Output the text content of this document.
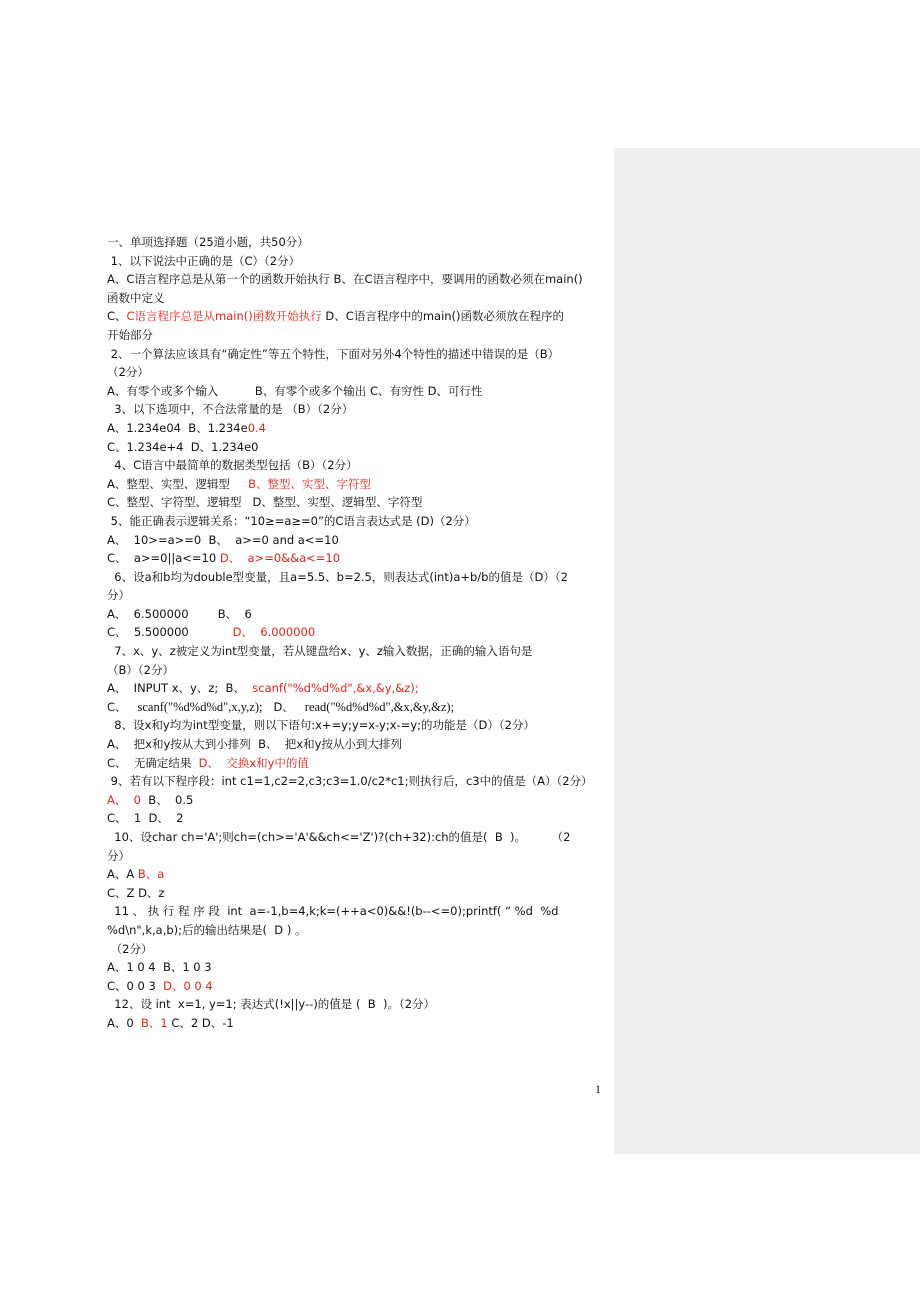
一、单项选择题（25道小题，共50分）
1、以下说法中正确的是（C）（2分）
A、C语言程序总是从第一个的函数开始执行 B、在C语言程序中，要调用的函数必须在main()
函数中定义
C、C语言程序总是从main()函数开始执行 D、C语言程序中的main()函数必须放在程序的
开始部分
2、一个算法应该具有“确定性”等五个特性，下面对另外4个特性的描述中错误的是（B）
（2分）
A、有零个或多个输入          B、有零个或多个输出 C、有穷性 D、可行性
3、以下选项中，不合法常量的是 （B）（2分）
A、1.234e04  B、1.234e0.4
C、1.234e+4  D、1.234e0
4、C语言中最简单的数据类型包括（B）（2分）
A、整型、实型、逻辑型     B、整型、实型、字符型
C、整型、字符型、逻辑型   D、整型、实型、逻辑型、字符型
5、能正确表示逻辑关系：“10≥=a≥=0”的C语言表达式是 (D)（2分）
A、  10>=a>=0  B、  a>=0 and a<=10
C、  a>=0||a<=10 D、  a>=0&&a<=10
6、设a和b均为double型变量，且a=5.5、b=2.5，则表达式(int)a+b/b的值是（D）（2
分）
A、  6.500000        B、  6
C、  5.500000            D、  6.000000
7、x、y、z被定义为int型变量，若从键盘给x、y、z输入数据，正确的输入语句是
（B）（2分）
A、  INPUT x、y、z;  B、  scanf("%d%d%d",&x,&y,&z);
C、   scanf("%d%d%d",x,y,z);   D、   read("%d%d%d",&x,&y,&z);
8、设x和y均为int型变量，则以下语句:x+=y;y=x-y;x-=y;的功能是（D）（2分）
A、  把x和y按从大到小排列  B、  把x和y按从小到大排列
C、  无确定结果  D、  交换x和y中的值
9、若有以下程序段：int c1=1,c2=2,c3;c3=1.0/c2*c1;则执行后，c3中的值是（A）（2分）
A、  0  B、  0.5
C、  1  D、  2
10、设char ch='A';则ch=(ch>='A'&&ch<='Z')?(ch+32):ch的值是(  B  )。       （2
分）
A、A B、a
C、Z D、z
11 、 执 行 程 序 段  int  a=-1,b=4,k;k=(++a<0)&&!(b--<=0);printf( “ %d  %d
%d\n",k,a,b);后的输出结果是(  D ) 。
（2分）
A、1 0 4  B、1 0 3
C、0 0 3  D、0 0 4
12、设 int  x=1, y=1; 表达式(!x||y--)的值是 (  B  )。（2分）
A、0  B、1 C、2 D、-1
1
